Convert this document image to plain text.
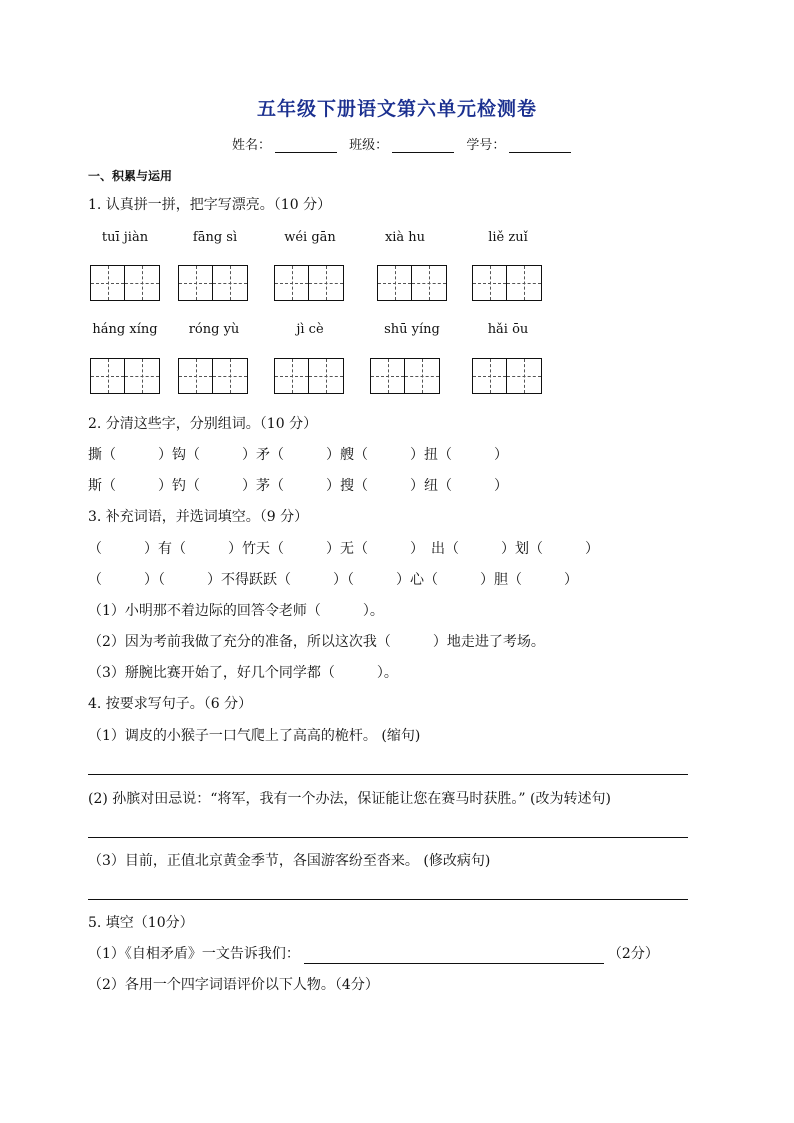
五年级下册语文第六单元检测卷
姓名：	班级：	学号：
一、积累与运用
1. 认真拼一拼，把字写漂亮。（10 分）
tuī jiàn	fāng sì	wéi gān	xià hu	liě zuǐ
háng xíng	róng yù	jì cè	shū yíng	hǎi ōu
2. 分清这些字，分别组词。（10 分）
撕（　　　）钩（　　　）矛（　　　）艘（　　　）扭（　　　）
斯（　　　）钓（　　　）茅（　　　）搜（　　　）纽（　　　）
3. 补充词语，并选词填空。（9 分）
（　　　）有（　　　）竹天（　　　）无（　　　）　出（　　　）划（　　　）
（　　　）（　　　）不得跃跃（　　　）（　　　）心（　　　）胆（　　　）
（1）小明那不着边际的回答令老师（　　　）。
（2）因为考前我做了充分的准备，所以这次我（　　　）地走进了考场。
（3）掰腕比赛开始了，好几个同学都（　　　）。
4. 按要求写句子。（6 分）
（1）调皮的小猴子一口气爬上了高高的桅杆。 (缩句)
(2) 孙膑对田忌说：“将军，我有一个办法，保证能让您在赛马时获胜。” (改为转述句)
（3）目前，正值北京黄金季节，各国游客纷至沓来。 (修改病句)
5. 填空（10分）
（1）《自相矛盾》一文告诉我们：	（2分）
（2）各用一个四字词语评价以下人物。（4分）
